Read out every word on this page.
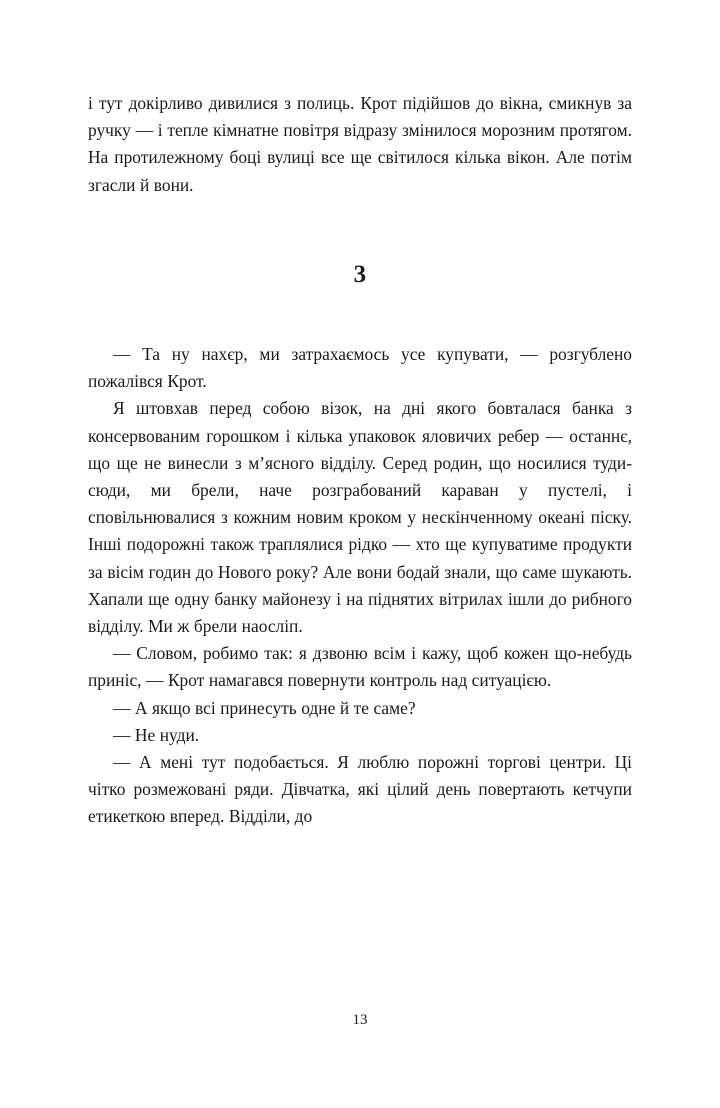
і тут докірливо дивилися з полиць. Крот підійшов до вікна, смикнув за ручку — і тепле кімнатне повітря відразу змінилося морозним протягом. На протилежному боці вулиці все ще світилося кілька вікон. Але потім згасли й вони.

3

— Та ну нахєр, ми затрахаємось усе купувати, — розгублено пожалівся Крот.

Я штовхав перед собою візок, на дні якого бовталася банка з консервованим горошком і кілька упаковок яловичих ребер — останнє, що ще не винесли з м’ясного відділу. Серед родин, що носилися туди-сюди, ми брели, наче розграбований караван у пустелі, і сповільнювалися з кожним новим кроком у нескінченному океані піску. Інші подорожні також траплялися рідко — хто ще купуватиме продукти за вісім годин до Нового року? Але вони бодай знали, що саме шукають. Хапали ще одну банку майонезу і на піднятих вітрилах ішли до рибного відділу. Ми ж брели наосліп.

— Словом, робимо так: я дзвоню всім і кажу, щоб кожен що-небудь приніс, — Крот намагався повернути контроль над ситуацією.

— А якщо всі принесуть одне й те саме?

— Не нуди.

— А мені тут подобається. Я люблю порожні торгові центри. Ці чітко розмежовані ряди. Дівчатка, які цілий день повертають кетчупи етикеткою вперед. Відділи, до

13
